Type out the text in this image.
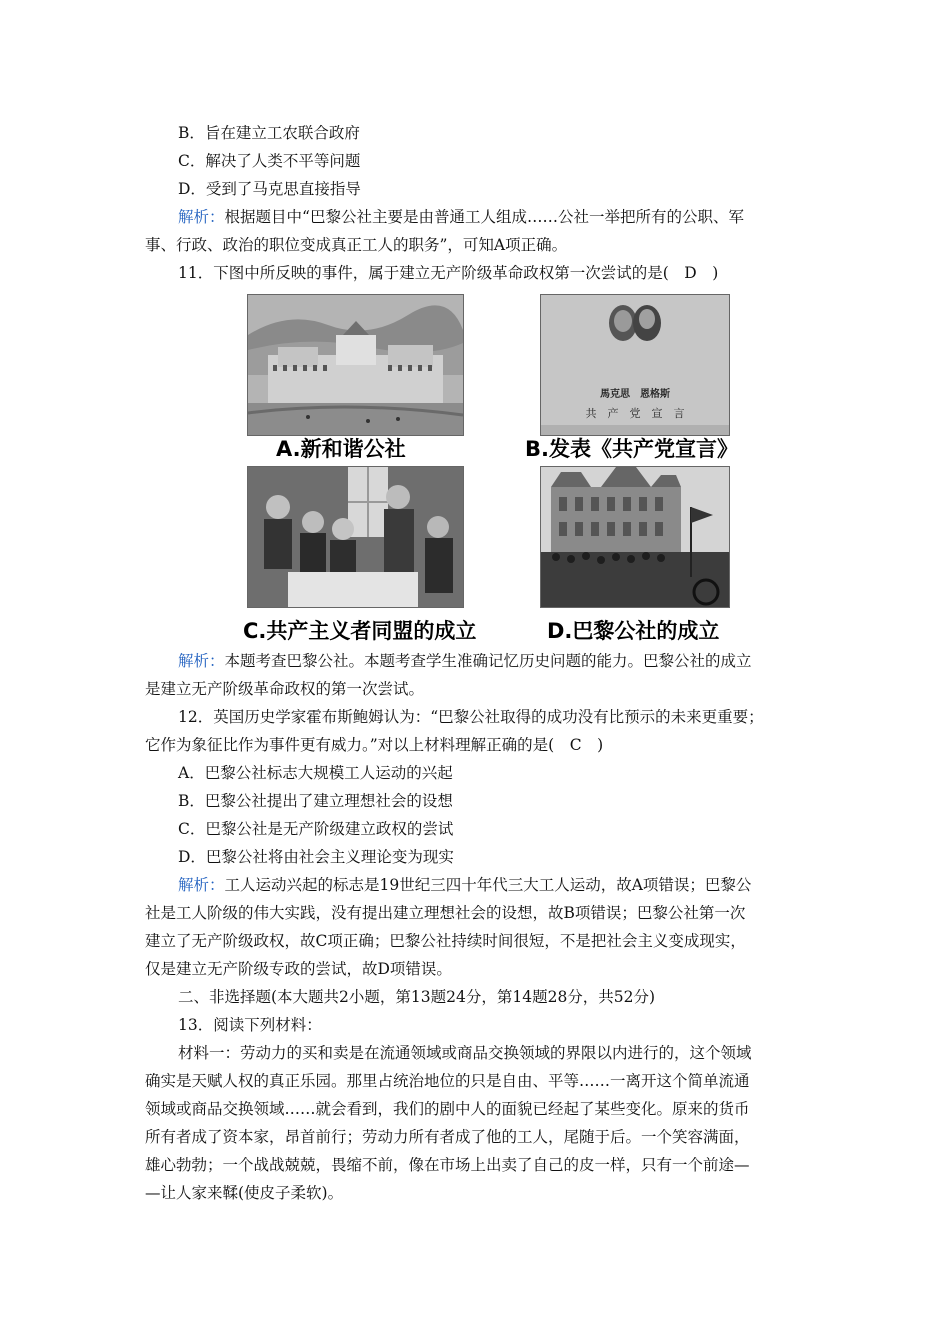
B．旨在建立工农联合政府
C．解决了人类不平等问题
D．受到了马克思直接指导
解析：根据题目中“巴黎公社主要是由普通工人组成……公社一举把所有的公职、军
事、行政、政治的职位变成真正工人的职务”，可知A项正确。
11．下图中所反映的事件，属于建立无产阶级革命政权第一次尝试的是(　D　)
A.新和谐公社
馬克思　恩格斯
共　产　党　宣　言
B.发表《共产党宣言》
C.共产主义者同盟的成立	D.巴黎公社的成立
解析：本题考查巴黎公社。本题考查学生准确记忆历史问题的能力。巴黎公社的成立
是建立无产阶级革命政权的第一次尝试。
12．英国历史学家霍布斯鲍姆认为：“巴黎公社取得的成功没有比预示的未来更重要；
它作为象征比作为事件更有威力。”对以上材料理解正确的是(　C　)
A．巴黎公社标志大规模工人运动的兴起
B．巴黎公社提出了建立理想社会的设想
C．巴黎公社是无产阶级建立政权的尝试
D．巴黎公社将由社会主义理论变为现实
解析：工人运动兴起的标志是19世纪三四十年代三大工人运动，故A项错误；巴黎公
社是工人阶级的伟大实践，没有提出建立理想社会的设想，故B项错误；巴黎公社第一次
建立了无产阶级政权，故C项正确；巴黎公社持续时间很短，不是把社会主义变成现实，
仅是建立无产阶级专政的尝试，故D项错误。
二、非选择题(本大题共2小题，第13题24分，第14题28分，共52分)
13．阅读下列材料：
材料一：劳动力的买和卖是在流通领域或商品交换领域的界限以内进行的，这个领域
确实是天赋人权的真正乐园。那里占统治地位的只是自由、平等……一离开这个简单流通
领域或商品交换领域……就会看到，我们的剧中人的面貌已经起了某些变化。原来的货币
所有者成了资本家，昂首前行；劳动力所有者成了他的工人，尾随于后。一个笑容满面，
雄心勃勃；一个战战兢兢，畏缩不前，像在市场上出卖了自己的皮一样，只有一个前途—
—让人家来鞣(使皮子柔软)。
